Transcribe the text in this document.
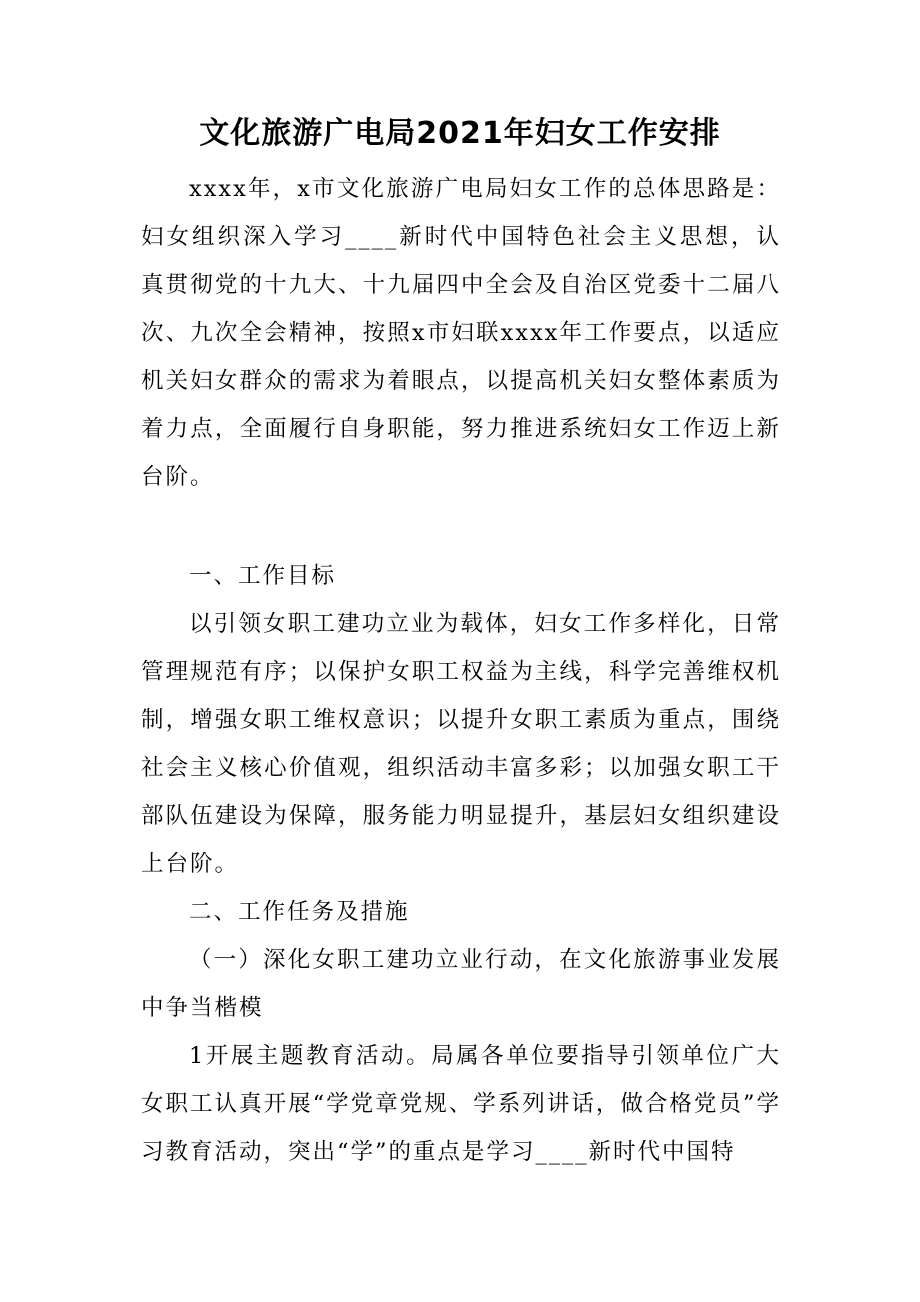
文化旅游广电局2021年妇女工作安排

xxxx年，x市文化旅游广电局妇女工作的总体思路是：妇女组织深入学习____新时代中国特色社会主义思想，认真贯彻党的十九大、十九届四中全会及自治区党委十二届八次、九次全会精神，按照x市妇联xxxx年工作要点，以适应机关妇女群众的需求为着眼点，以提高机关妇女整体素质为着力点，全面履行自身职能，努力推进系统妇女工作迈上新台阶。

一、工作目标

以引领女职工建功立业为载体，妇女工作多样化，日常管理规范有序；以保护女职工权益为主线，科学完善维权机制，增强女职工维权意识；以提升女职工素质为重点，围绕社会主义核心价值观，组织活动丰富多彩；以加强女职工干部队伍建设为保障，服务能力明显提升，基层妇女组织建设上台阶。

二、工作任务及措施

（一）深化女职工建功立业行动，在文化旅游事业发展中争当楷模

1开展主题教育活动。局属各单位要指导引领单位广大女职工认真开展“学党章党规、学系列讲话，做合格党员”学习教育活动，突出“学”的重点是学习____新时代中国特
